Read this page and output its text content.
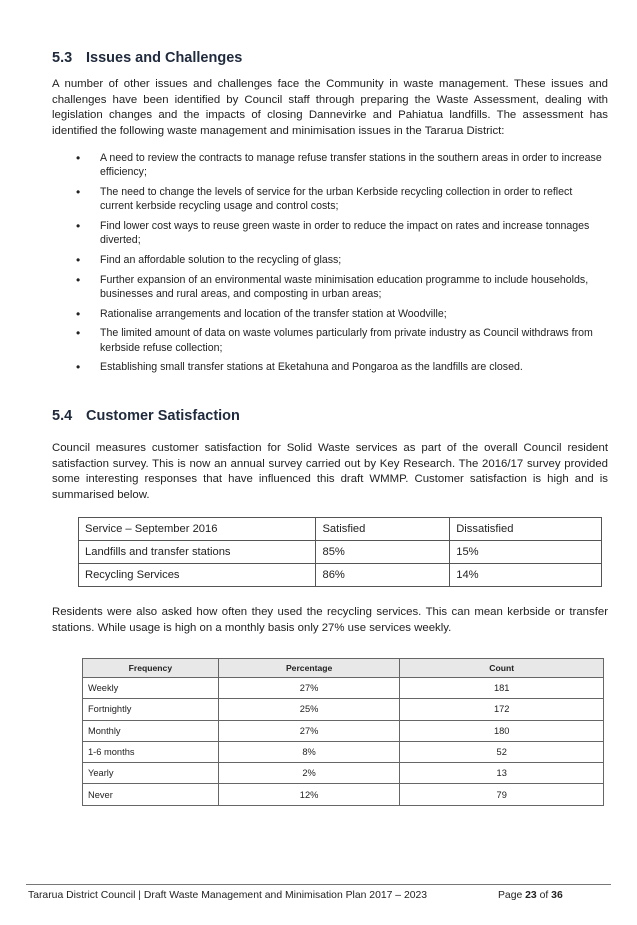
5.3 Issues and Challenges

A number of other issues and challenges face the Community in waste management. These issues and challenges have been identified by Council staff through preparing the Waste Assessment, dealing with legislation changes and the impacts of closing Dannevirke and Pahiatua landfills. The assessment has identified the following waste management and minimisation issues in the Tararua District:

• A need to review the contracts to manage refuse transfer stations in the southern areas in order to increase efficiency;
• The need to change the levels of service for the urban Kerbside recycling collection in order to reflect current kerbside recycling usage and control costs;
• Find lower cost ways to reuse green waste in order to reduce the impact on rates and increase tonnages diverted;
• Find an affordable solution to the recycling of glass;
• Further expansion of an environmental waste minimisation education programme to include households, businesses and rural areas, and composting in urban areas;
• Rationalise arrangements and location of the transfer station at Woodville;
• The limited amount of data on waste volumes particularly from private industry as Council withdraws from kerbside refuse collection;
• Establishing small transfer stations at Eketahuna and Pongaroa as the landfills are closed.
5.4 Customer Satisfaction

Council measures customer satisfaction for Solid Waste services as part of the overall Council resident satisfaction survey. This is now an annual survey carried out by Key Research. The 2016/17 survey provided some interesting responses that have influenced this draft WMMP. Customer satisfaction is high and is summarised below.

Service – September 2016	Satisfied	Dissatisfied
Landfills and transfer stations	85%	15%
Recycling Services	86%	14%

Residents were also asked how often they used the recycling services. This can mean kerbside or transfer stations. While usage is high on a monthly basis only 27% use services weekly.

Frequency	Percentage	Count
Weekly	27%	181
Fortnightly	25%	172
Monthly	27%	180
1-6 months	8%	52
Yearly	2%	13
Never	12%	79
Tararua District Council | Draft Waste Management and Minimisation Plan 2017 – 2023	Page 23 of 36
